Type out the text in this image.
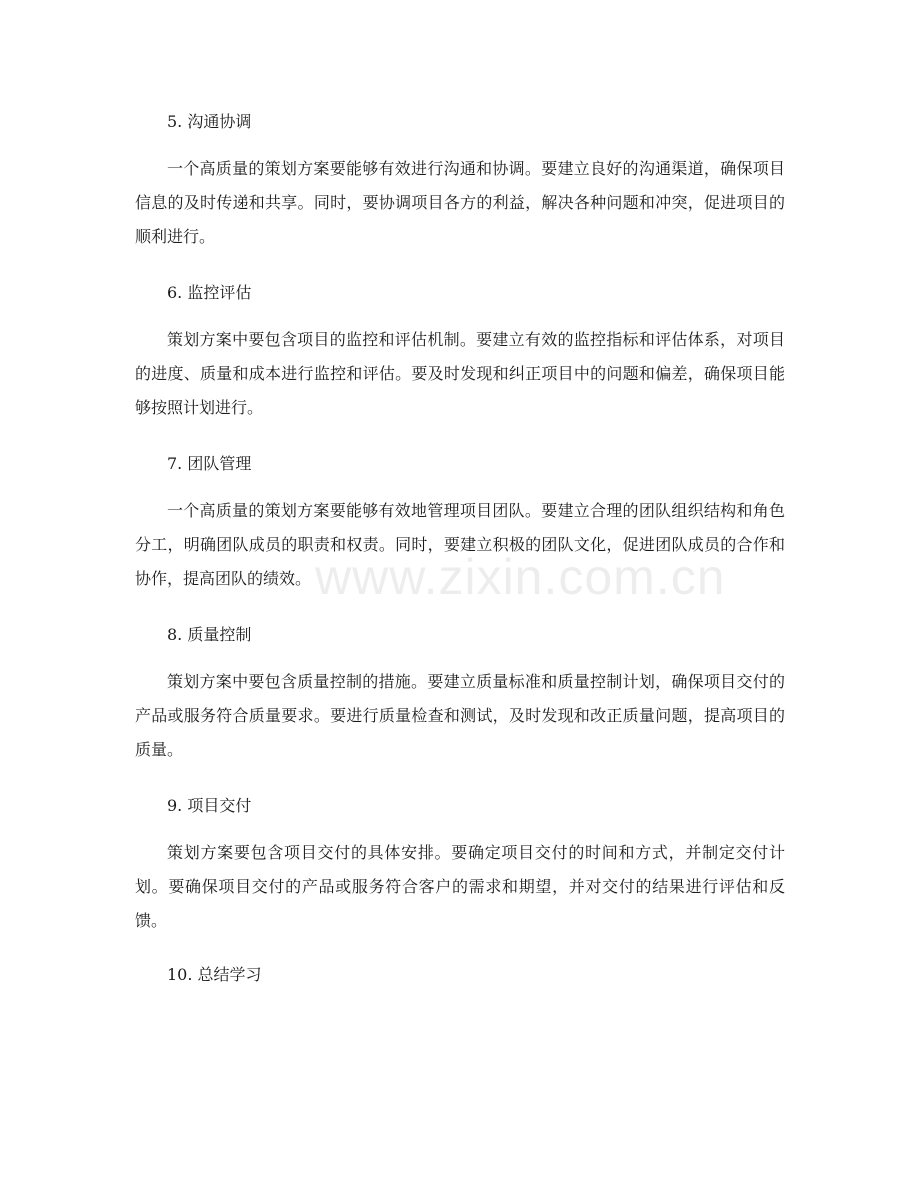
5. 沟通协调

一个高质量的策划方案要能够有效进行沟通和协调。要建立良好的沟通渠道，确保项目信息的及时传递和共享。同时，要协调项目各方的利益，解决各种问题和冲突，促进项目的顺利进行。

6. 监控评估

策划方案中要包含项目的监控和评估机制。要建立有效的监控指标和评估体系，对项目的进度、质量和成本进行监控和评估。要及时发现和纠正项目中的问题和偏差，确保项目能够按照计划进行。

7. 团队管理

一个高质量的策划方案要能够有效地管理项目团队。要建立合理的团队组织结构和角色分工，明确团队成员的职责和权责。同时，要建立积极的团队文化，促进团队成员的合作和协作，提高团队的绩效。

8. 质量控制

策划方案中要包含质量控制的措施。要建立质量标准和质量控制计划，确保项目交付的产品或服务符合质量要求。要进行质量检查和测试，及时发现和改正质量问题，提高项目的质量。

9. 项目交付

策划方案要包含项目交付的具体安排。要确定项目交付的时间和方式，并制定交付计划。要确保项目交付的产品或服务符合客户的需求和期望，并对交付的结果进行评估和反馈。

10. 总结学习
www.zixin.com.cn
